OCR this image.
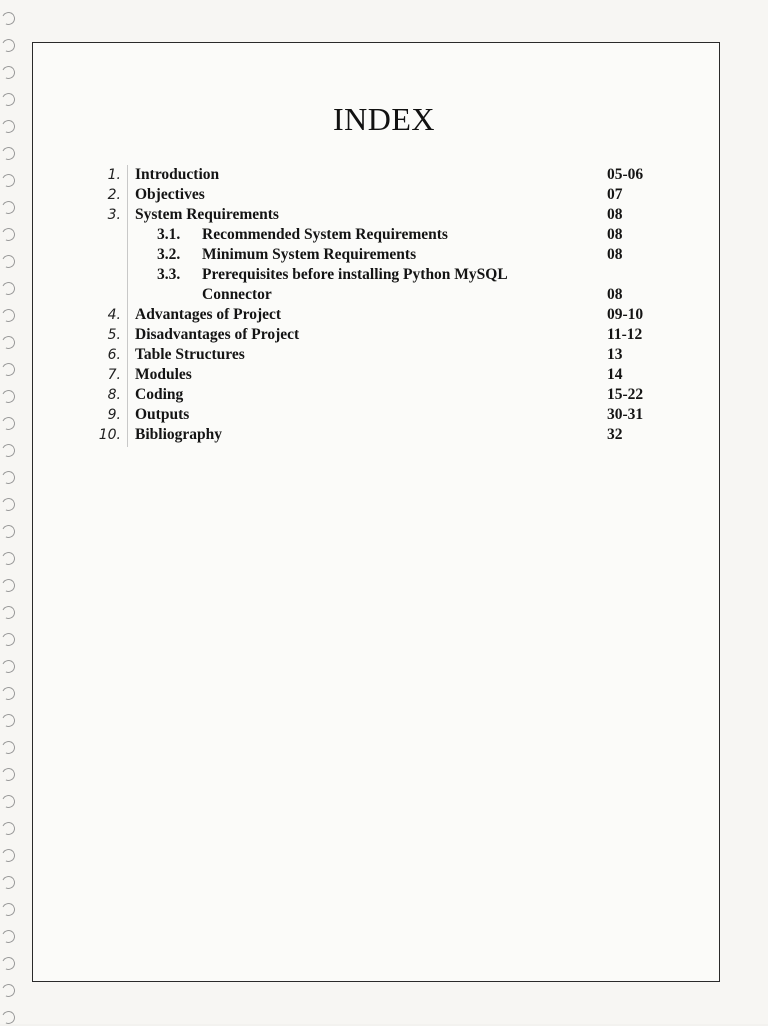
INDEX
1. Introduction	05-06
2. Objectives	07
3. System Requirements	08
3.1. Recommended System Requirements	08
3.2. Minimum System Requirements	08
3.3. Prerequisites before installing Python MySQL
Connector	08
4. Advantages of Project	09-10
5. Disadvantages of Project	11-12
6. Table Structures	13
7. Modules	14
8. Coding	15-22
9. Outputs	30-31
10. Bibliography	32
